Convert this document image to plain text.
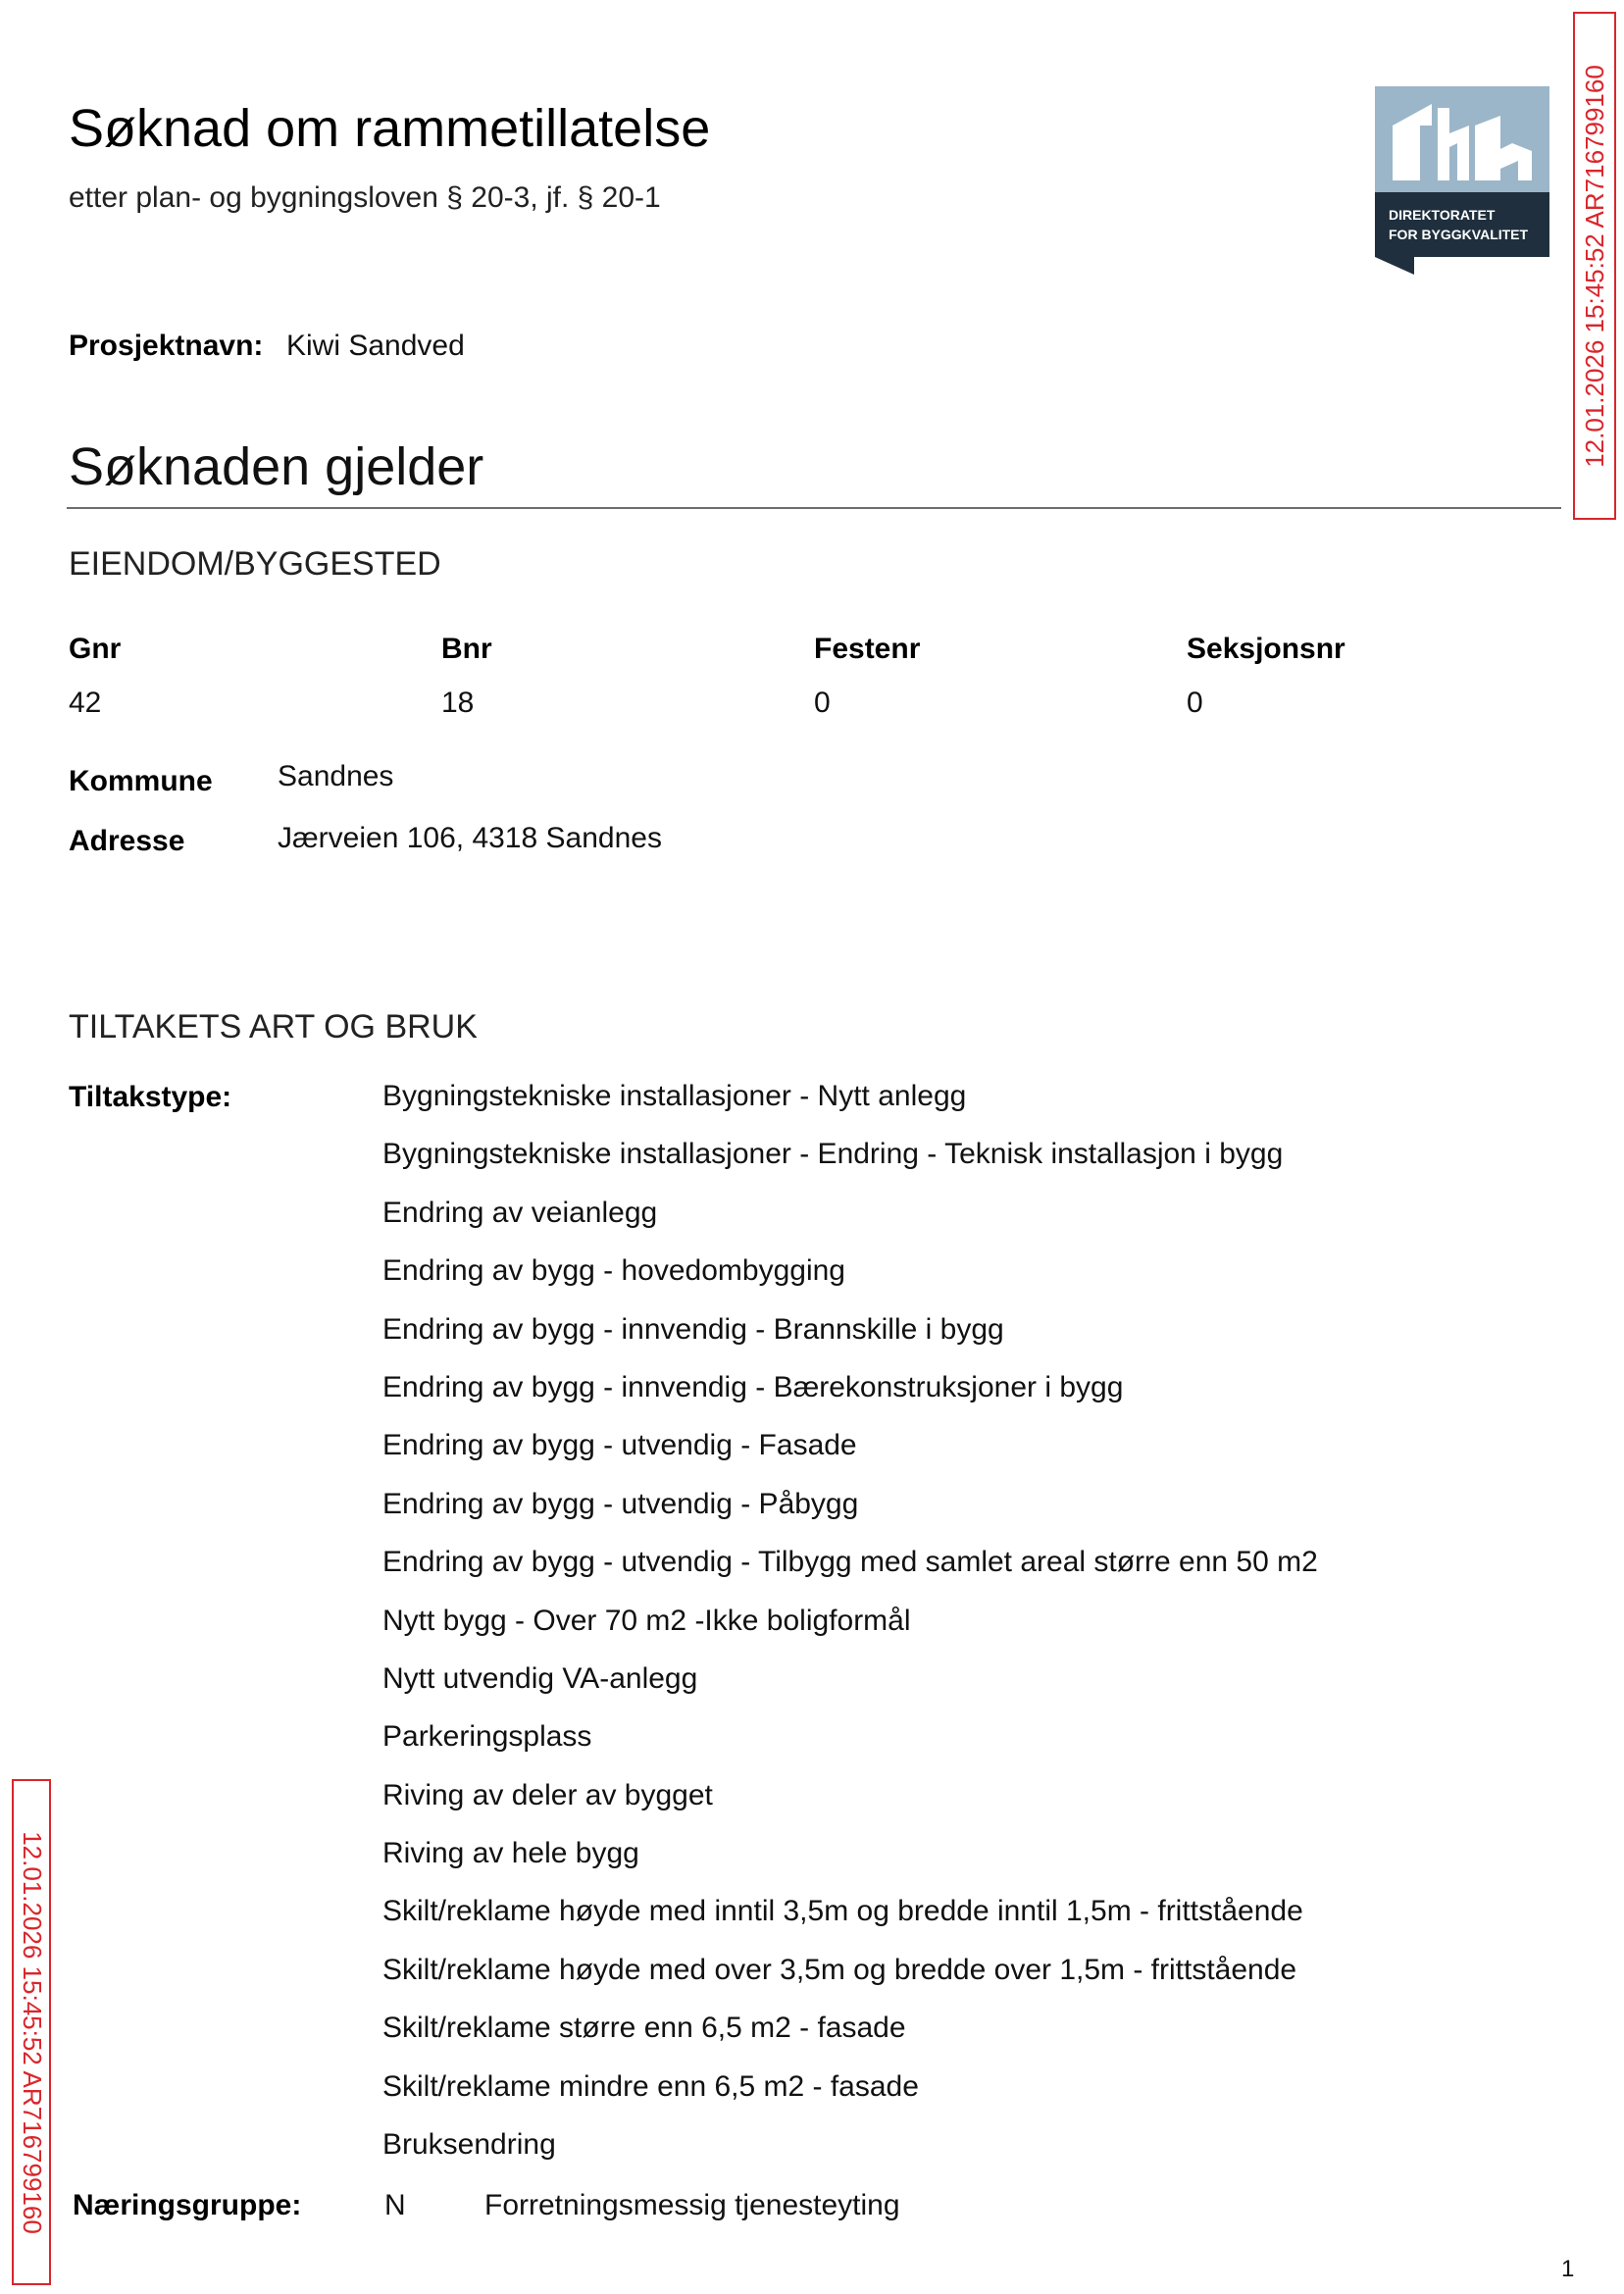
Søknad om rammetillatelse
etter plan- og bygningsloven § 20-3, jf. § 20-1
DIREKTORATET
FOR BYGGKVALITET 12.01.2026 15:45:52 AR716799160
12.01.2026 15:45:52 AR716799160
Prosjektnavn: Kiwi Sandved
Søknaden gjelder
EIENDOM/BYGGESTED
Gnr	Bnr	Festenr	Seksjonsnr
42	18	0	0
Kommune Sandnes
Adresse	Jærveien 106, 4318 Sandnes
TILTAKETS ART OG BRUK
Tiltakstype:	Bygningstekniske installasjoner - Nytt anlegg
Bygningstekniske installasjoner - Endring - Teknisk installasjon i bygg
Endring av veianlegg
Endring av bygg - hovedombygging
Endring av bygg - innvendig - Brannskille i bygg
Endring av bygg - innvendig - Bærekonstruksjoner i bygg
Endring av bygg - utvendig - Fasade
Endring av bygg - utvendig - Påbygg
Endring av bygg - utvendig - Tilbygg med samlet areal større enn 50 m2
Nytt bygg - Over 70 m2 -Ikke boligformål
Nytt utvendig VA-anlegg
Parkeringsplass
Riving av deler av bygget
Riving av hele bygg
Skilt/reklame høyde med inntil 3,5m og bredde inntil 1,5m - frittstående
Skilt/reklame høyde med over 3,5m og bredde over 1,5m - frittstående
Skilt/reklame større enn 6,5 m2 - fasade
Skilt/reklame mindre enn 6,5 m2 - fasade
Bruksendring
Næringsgruppe:	N	Forretningsmessig tjenesteyting
1
